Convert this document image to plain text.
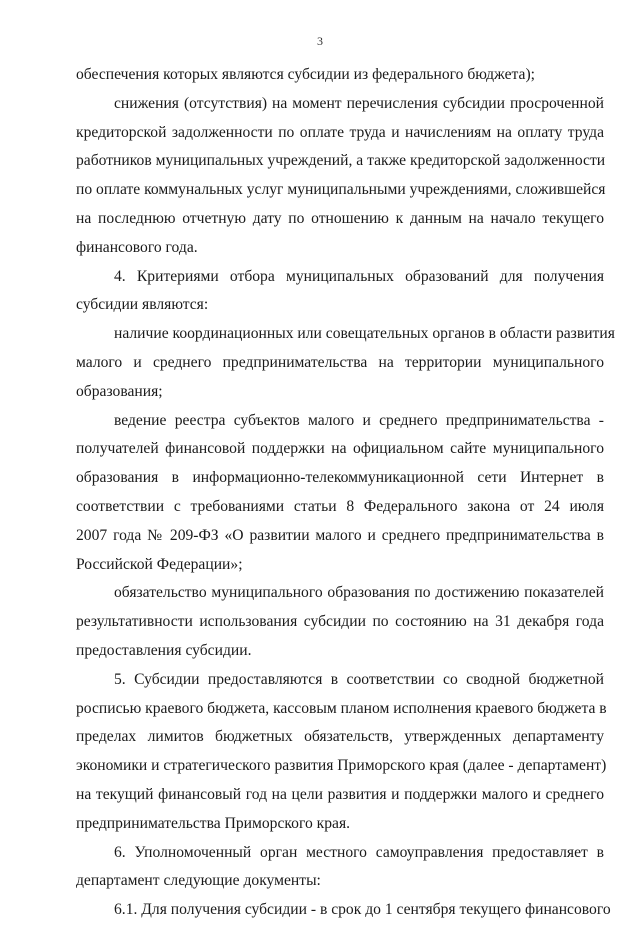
3
обеспечения которых являются субсидии из федерального бюджета);
снижения (отсутствия) на момент перечисления субсидии просроченной
кредиторской задолженности по оплате труда и начислениям на оплату труда
работников муниципальных учреждений, а также кредиторской задолженности
по оплате коммунальных услуг муниципальными учреждениями, сложившейся
на последнюю отчетную дату по отношению к данным на начало текущего
финансового года.
4. Критериями отбора муниципальных образований для получения
субсидии являются:
наличие координационных или совещательных органов в области развития
малого и среднего предпринимательства на территории муниципального
образования;
ведение реестра субъектов малого и среднего предпринимательства -
получателей финансовой поддержки на официальном сайте муниципального
образования в информационно-телекоммуникационной сети Интернет в
соответствии с требованиями статьи 8 Федерального закона от 24 июля
2007 года № 209-ФЗ «О развитии малого и среднего предпринимательства в
Российской Федерации»;
обязательство муниципального образования по достижению показателей
результативности использования субсидии по состоянию на 31 декабря года
предоставления субсидии.
5. Субсидии предоставляются в соответствии со сводной бюджетной
росписью краевого бюджета, кассовым планом исполнения краевого бюджета в
пределах лимитов бюджетных обязательств, утвержденных департаменту
экономики и стратегического развития Приморского края (далее - департамент)
на текущий финансовый год на цели развития и поддержки малого и среднего
предпринимательства Приморского края.
6. Уполномоченный орган местного самоуправления предоставляет в
департамент следующие документы:
6.1. Для получения субсидии - в срок до 1 сентября текущего финансового
